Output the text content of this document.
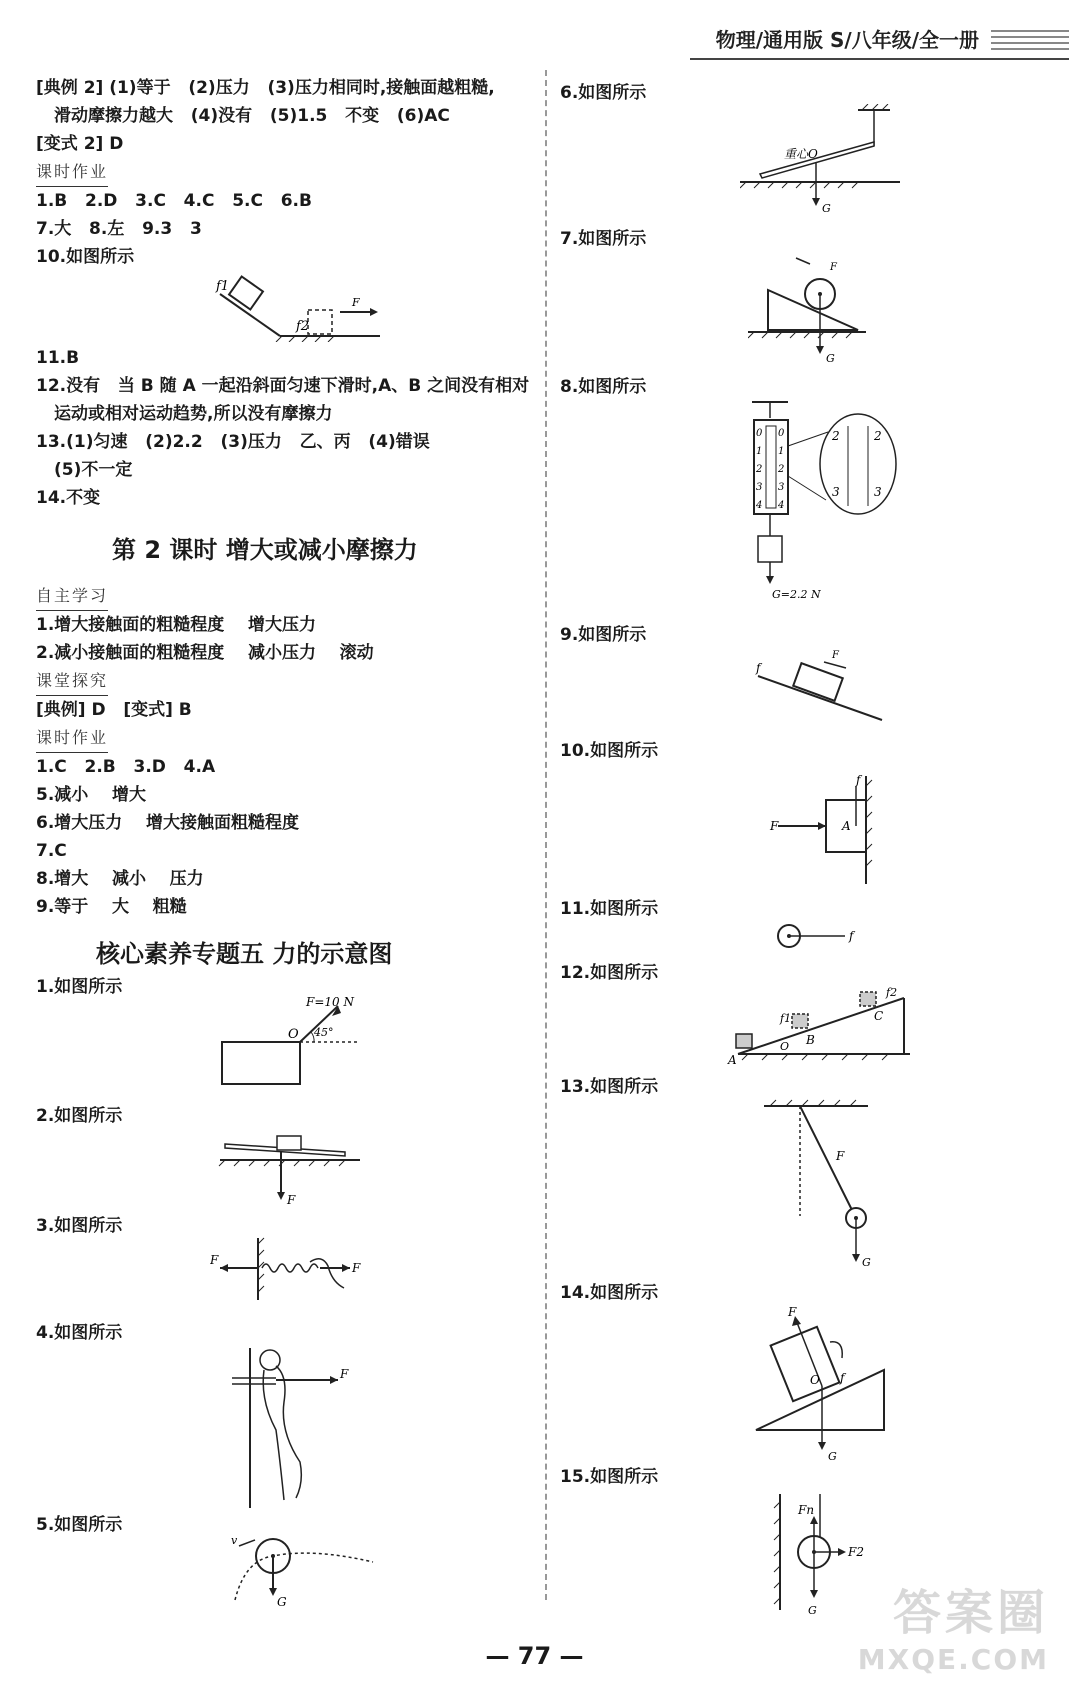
物理/通用版 S/八年级/全一册
[典例 2] (1)等于   (2)压力   (3)压力相同时,接触面越粗糙,
滑动摩擦力越大   (4)没有   (5)1.5   不变   (6)AC
[变式 2] D
课时作业
1.B   2.D   3.C   4.C   5.C   6.B
7.大   8.左   9.3   3
10.如图所示
f1
f2
F
11.B
12.没有   当 B 随 A 一起沿斜面匀速下滑时,A、B 之间没有相对
运动或相对运动趋势,所以没有摩擦力
13.(1)匀速   (2)2.2   (3)压力   乙、丙   (4)错误
(5)不一定
14.不变
第 2 课时 增大或减小摩擦力
自主学习
1.增大接触面的粗糙程度    增大压力
2.减小接触面的粗糙程度    减小压力    滚动
课堂探究
[典例] D   [变式] B
课时作业
1.C   2.B   3.D   4.A
5.减小    增大
6.增大压力    增大接触面粗糙程度
7.C
8.增大    减小    压力
9.等于    大    粗糙
核心素养专题五 力的示意图
1.如图所示
2.如图所示
3.如图所示
4.如图所示
5.如图所示
F=10 N
O 45°
F
F
F
F
v
G
6.如图所示
7.如图所示
8.如图所示
9.如图所示
10.如图所示
11.如图所示
12.如图所示
13.如图所示
14.如图所示
15.如图所示
重心O
G
F
G
0 0
1 1
2 2
3 3
4 4
2	2
3	3
G=2.2 N
f
F
f
F	A
f
A
B
C
O
f1
f2
F
G
F
O f
G
Fn
F2
G
— 77 —
答案圈
MXQE.COM
